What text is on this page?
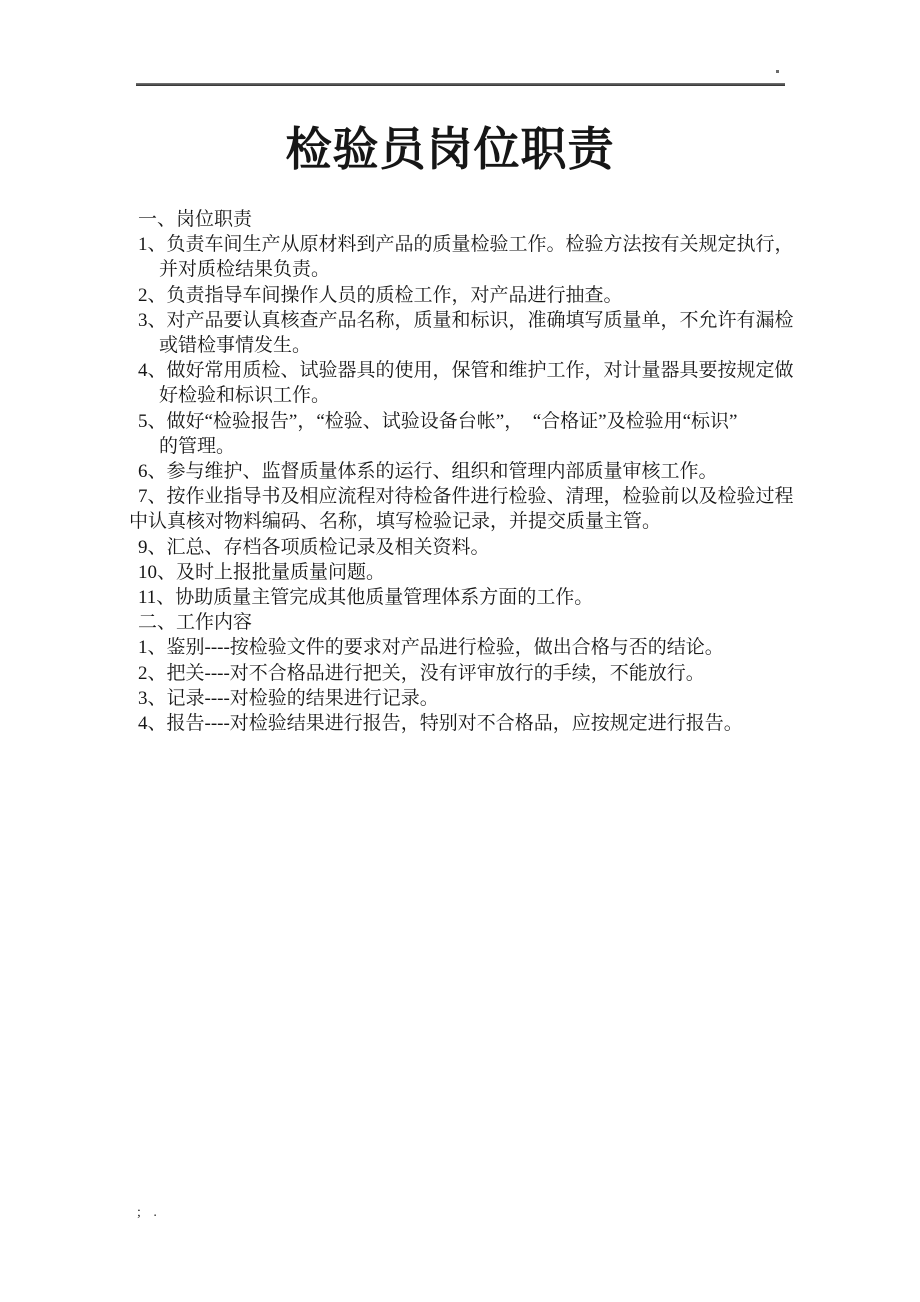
检验员岗位职责
一、岗位职责
1、负责车间生产从原材料到产品的质量检验工作。检验方法按有关规定执行，
并对质检结果负责。
2、负责指导车间操作人员的质检工作，对产品进行抽查。
3、对产品要认真核查产品名称，质量和标识，准确填写质量单，不允许有漏检
或错检事情发生。
4、做好常用质检、试验器具的使用，保管和维护工作，对计量器具要按规定做
好检验和标识工作。
5、做好“检验报告”，“检验、试验设备台帐”，　“合格证”及检验用“标识”
的管理。
6、参与维护、监督质量体系的运行、组织和管理内部质量审核工作。
7、按作业指导书及相应流程对待检备件进行检验、清理，检验前以及检验过程
中认真核对物料编码、名称，填写检验记录，并提交质量主管。
9、汇总、存档各项质检记录及相关资料。
10、及时上报批量质量问题。
11、协助质量主管完成其他质量管理体系方面的工作。
二、工作内容
1、鉴别----按检验文件的要求对产品进行检验，做出合格与否的结论。
2、把关----对不合格品进行把关，没有评审放行的手续，不能放行。
3、记录----对检验的结果进行记录。
4、报告----对检验结果进行报告，特别对不合格品，应按规定进行报告。
; .
